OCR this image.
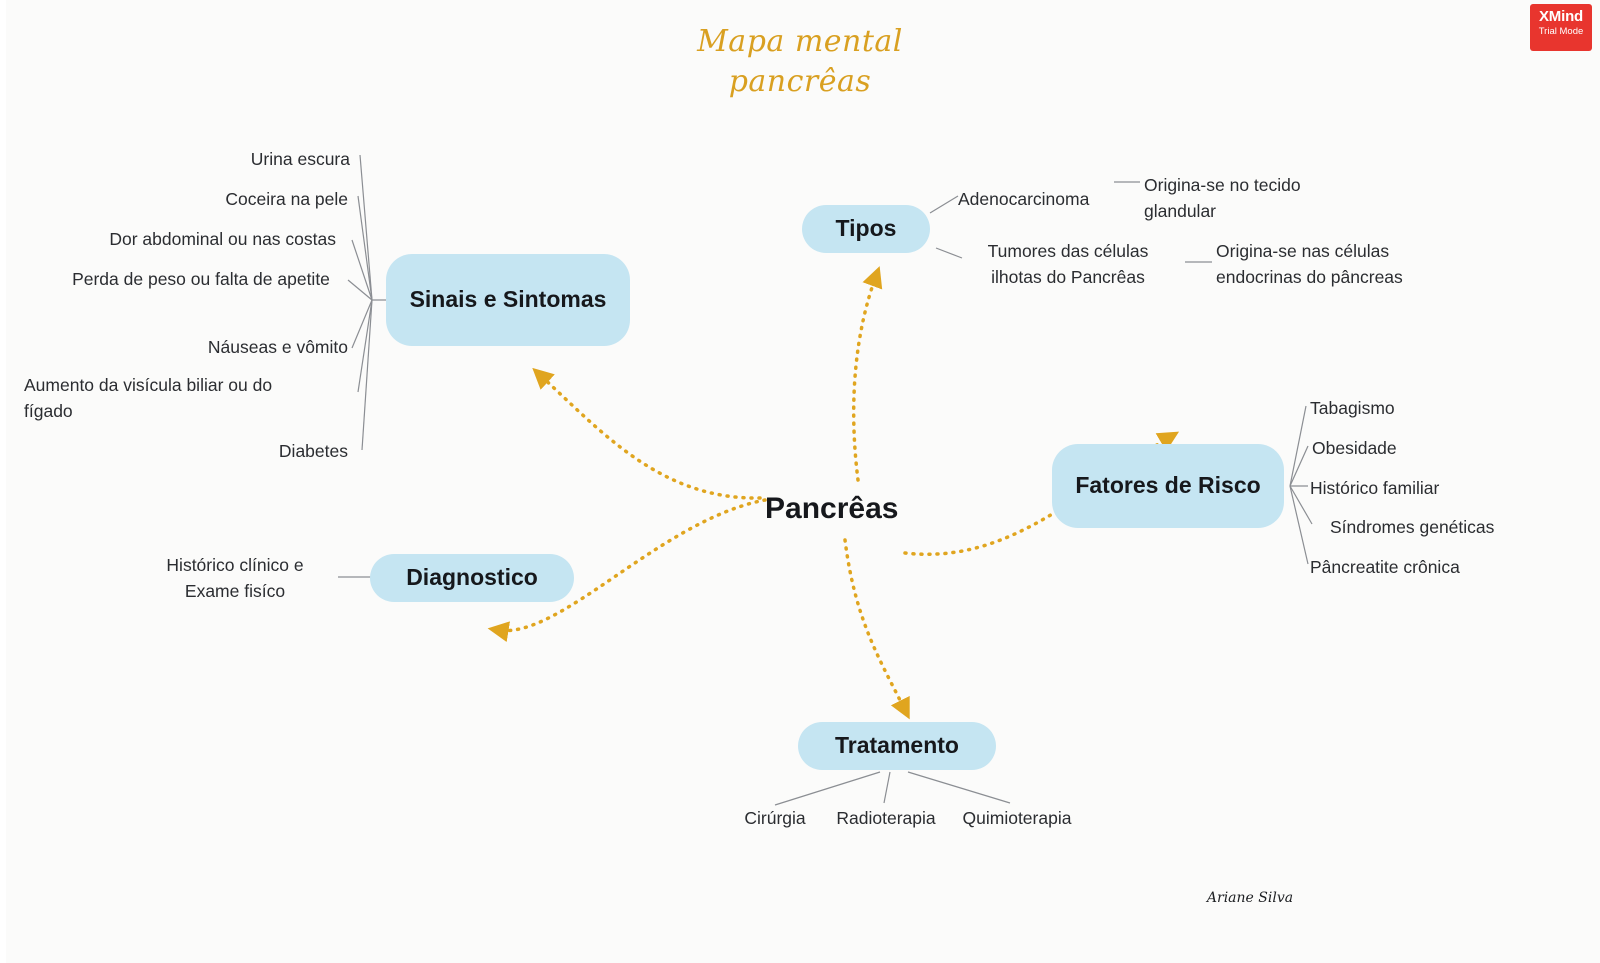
Mapa mental
pancrêas
XMind
Trial Mode
Pancrêas
Sinais e Sintomas
Urina escura
Coceira na pele
Dor abdominal ou nas costas
Perda de peso ou falta de apetite
Náuseas e vômito
Aumento da visícula biliar ou do fígado
Diabetes
Tipos
Adenocarcinoma
Origina-se no tecido glandular
Tumores das células ilhotas do Pancrêas
Origina-se nas células endocrinas do pâncreas
Fatores de Risco
Tabagismo
Obesidade
Histórico familiar
Síndromes genéticas
Pâncreatite crônica
Diagnostico
Histórico clínico e Exame fisíco
Tratamento
Cirúrgia	Radioterapia	Quimioterapia
Ariane Silva
